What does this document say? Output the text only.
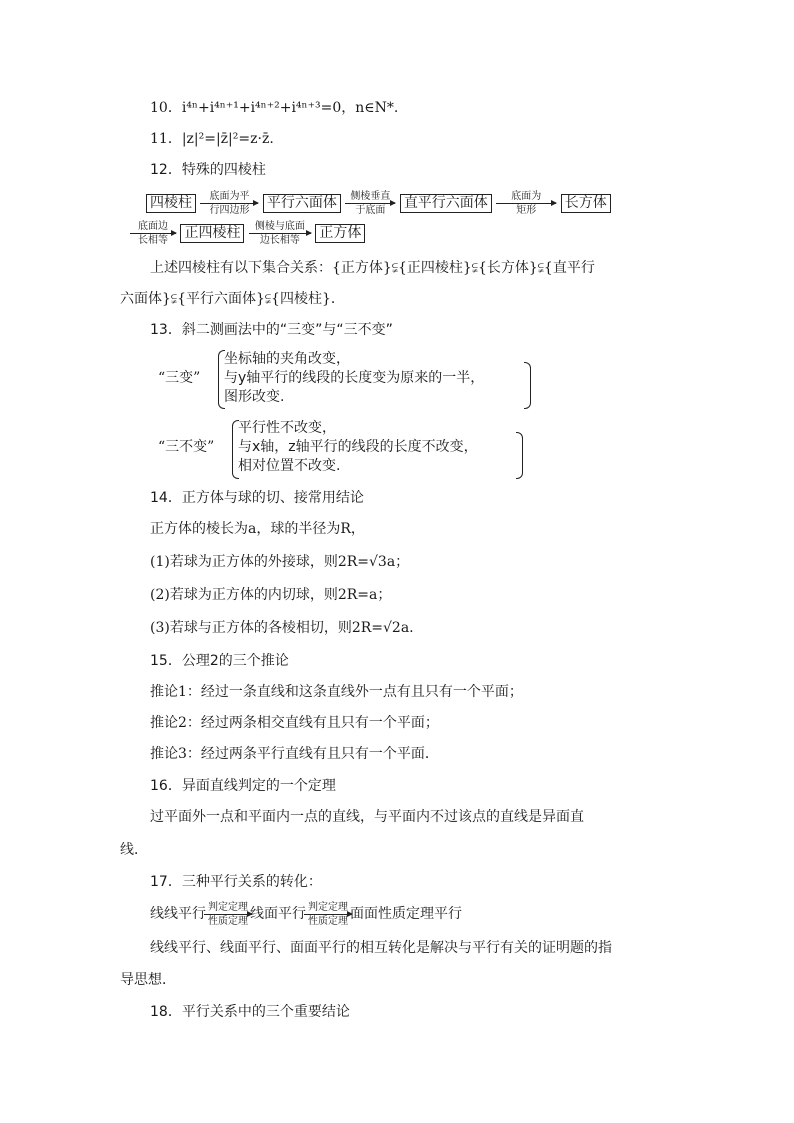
10．i⁴ⁿ+i⁴ⁿ⁺¹+i⁴ⁿ⁺²+i⁴ⁿ⁺³=0，n∈N*.
11．|z|²=|z̄|²=z·z̄.
12．特殊的四棱柱
四棱柱	底面为平
行四边形	平行六面体	侧棱垂直
于底面	直平行六面体	底面为
矩形	长方体
底面边
长相等	正四棱柱	侧棱与底面
边长相等	正方体
上述四棱柱有以下集合关系：{正方体}⫋{正四棱柱}⫋{长方体}⫋{直平行
六面体}⫋{平行六面体}⫋{四棱柱}．
13．斜二测画法中的“三变”与“三不变”
“三变”
坐标轴的夹角改变，
与y轴平行的线段的长度变为原来的一半，
图形改变.
“三不变”
平行性不改变，
与x轴，z轴平行的线段的长度不改变，
相对位置不改变.
14．正方体与球的切、接常用结论
正方体的棱长为a，球的半径为R，
(1)若球为正方体的外接球，则2R=√3a；
(2)若球为正方体的内切球，则2R=a；
(3)若球与正方体的各棱相切，则2R=√2a.
15．公理2的三个推论
推论1：经过一条直线和这条直线外一点有且只有一个平面；
推论2：经过两条相交直线有且只有一个平面；
推论3：经过两条平行直线有且只有一个平面．
16．异面直线判定的一个定理
过平面外一点和平面内一点的直线，与平面内不过该点的直线是异面直
线．
17．三种平行关系的转化：
线线平行 判定定理
性质定理 线面平行 判定定理
性质定理 面面性质定理平行
线线平行、线面平行、面面平行的相互转化是解决与平行有关的证明题的指
导思想．
18．平行关系中的三个重要结论
